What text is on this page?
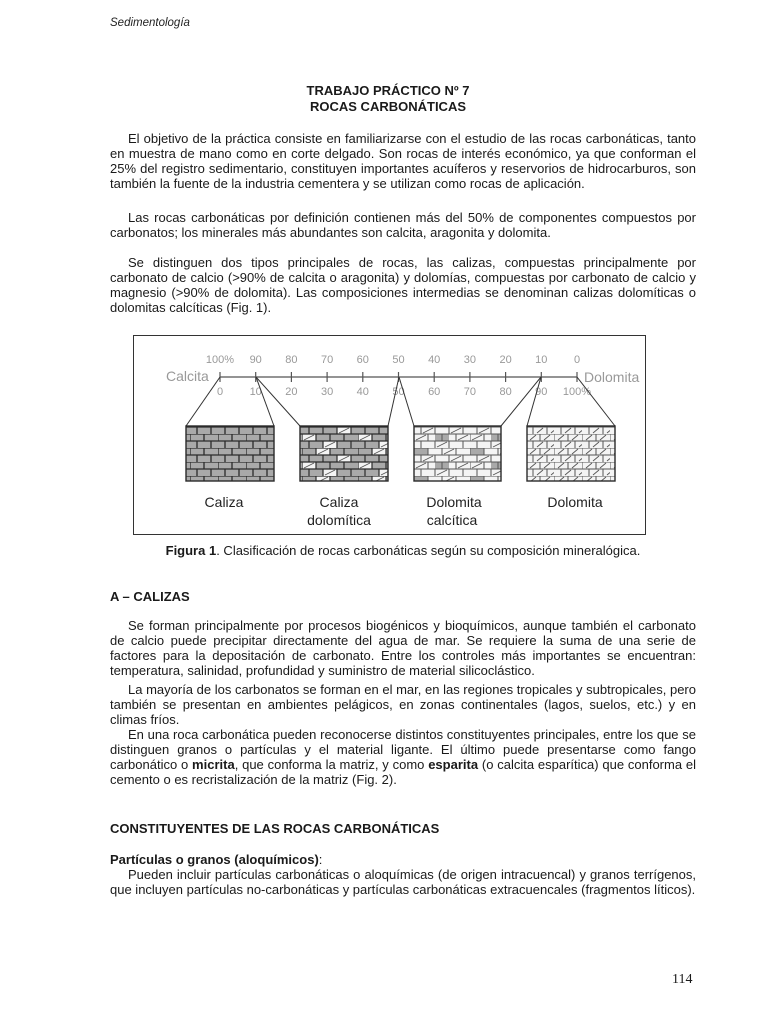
Sedimentología
TRABAJO PRÁCTICO Nº 7
ROCAS CARBONÁTICAS

El objetivo de la práctica consiste en familiarizarse con el estudio de las rocas carbonáticas, tanto en muestra de mano como en corte delgado. Son rocas de interés económico, ya que conforman el 25% del registro sedimentario, constituyen importantes acuíferos y reservorios de hidrocarburos, son también la fuente de la industria cementera y se utilizan como rocas de aplicación.

Las rocas carbonáticas por definición contienen más del 50% de componentes compuestos por carbonatos; los minerales más abundantes son calcita, aragonita y dolomita.

Se distinguen dos tipos principales de rocas, las calizas, compuestas principalmente por carbonato de calcio (>90% de calcita o aragonita) y dolomías, compuestas por carbonato de calcio y magnesio (>90% de dolomita). Las composiciones intermedias se denominan calizas dolomíticas o dolomitas calcíticas (Fig. 1).

Calcita	Dolomita
100%
0
90
10
80
20
70
30
60
40
50
50
40
60
30
70
20
80
10
90
0
100%
Caliza	Caliza
dolomítica
Dolomita
calcítica
Dolomita
Figura 1. Clasificación de rocas carbonáticas según su composición mineralógica.
A – CALIZAS

Se forman principalmente por procesos biogénicos y bioquímicos, aunque también el carbonato de calcio puede precipitar directamente del agua de mar. Se requiere la suma de una serie de factores para la depositación de carbonato. Entre los controles más importantes se encuentran: temperatura, salinidad, profundidad y suministro de material silicoclástico.

La mayoría de los carbonatos se forman en el mar, en las regiones tropicales y subtropicales, pero también se presentan en ambientes pelágicos, en zonas continentales (lagos, suelos, etc.) y en climas fríos.

En una roca carbonática pueden reconocerse distintos constituyentes principales, entre los que se distinguen granos o partículas y el material ligante. El último puede presentarse como fango carbonático o micrita, que conforma la matriz, y como esparita (o calcita esparítica) que conforma el cemento o es recristalización de la matriz (Fig. 2).

CONSTITUYENTES DE LAS ROCAS CARBONÁTICAS
Partículas o granos (aloquímicos):

Pueden incluir partículas carbonáticas o aloquímicas (de origen intracuencal) y granos terrígenos, que incluyen partículas no-carbonáticas y partículas carbonáticas extracuencales (fragmentos líticos).

114
